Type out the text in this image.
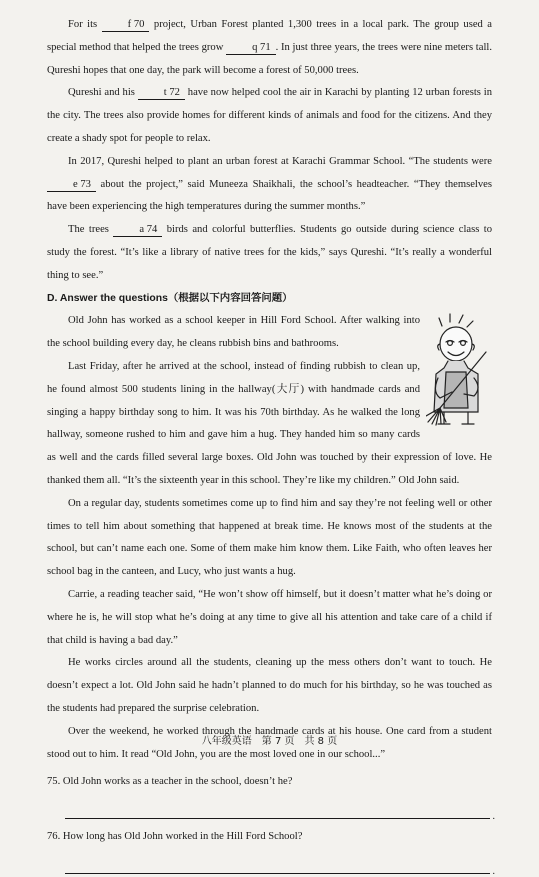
For its f 70 project, Urban Forest planted 1,300 trees in a local park. The group used a special method that helped the trees grow q 71 . In just three years, the trees were nine meters tall. Qureshi hopes that one day, the park will become a forest of 50,000 trees.

Qureshi and his t 72 have now helped cool the air in Karachi by planting 12 urban forests in the city. The trees also provide homes for different kinds of animals and food for the citizens. And they create a shady spot for people to relax.

In 2017, Qureshi helped to plant an urban forest at Karachi Grammar School. “The students were e 73 about the project,” said Muneeza Shaikhali, the school’s headteacher. “They themselves have been experiencing the high temperatures during the summer months.”

The trees a 74 birds and colorful butterflies. Students go outside during science class to study the forest. “It’s like a library of native trees for the kids,” says Qureshi. “It’s really a wonderful thing to see.”

D. Answer the questions（根据以下内容回答问题）

Old John has worked as a school keeper in Hill Ford School. After walking into the school building every day, he cleans rubbish bins and bathrooms.

Last Friday, after he arrived at the school, instead of finding rubbish to clean up, he found almost 500 students lining in the hallway(大厅) with handmade cards and singing a happy birthday song to him. It was his 70th birthday. As he walked the long hallway, someone rushed to him and gave him a hug. They handed him so many cards as well and the cards filled several large boxes. Old John was touched by their expression of love. He thanked them all. “It’s the sixteenth year in this school. They’re like my children.” Old John said.

On a regular day, students sometimes come up to find him and say they’re not feeling well or other times to tell him about something that happened at break time. He knows most of the students at the school, but can’t name each one. Some of them make him know them. Like Faith, who often leaves her school bag in the canteen, and Lucy, who just wants a hug.

Carrie, a reading teacher said, “He won’t show off himself, but it doesn’t matter what he’s doing or where he is, he will stop what he’s doing at any time to give all his attention and take care of a child if that child is having a bad day.”

He works circles around all the students, cleaning up the mess others don’t want to touch. He doesn’t expect a lot. Old John said he hadn’t planned to do much for his birthday, so he was touched as the students had prepared the surprise celebration.

Over the weekend, he worked through the handmade cards at his house. One card from a student stood out to him. It read “Old John, you are the most loved one in our school...”

75. Old John works as a teacher in the school, doesn’t he?

.

76. How long has Old John worked in the Hill Ford School?

.
八年级英语　第 7 页　共 8 页
